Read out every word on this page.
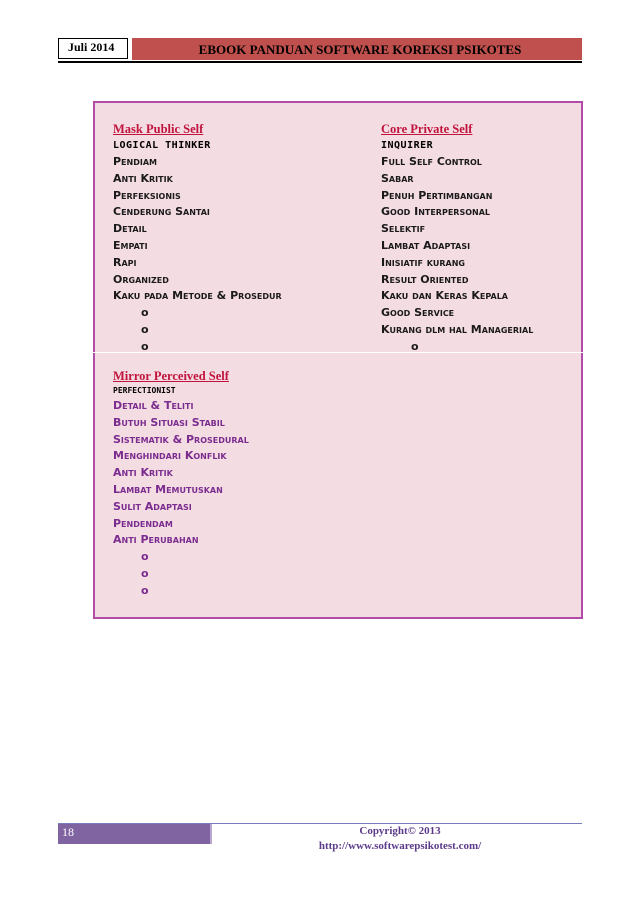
Juli 2014	EBOOK PANDUAN SOFTWARE KOREKSI PSIKOTES
Mask Public Self
LOGICAL THINKER
Pendiam
Anti Kritik
Perfeksionis
Cenderung Santai
Detail
Empati
Rapi
Organized
Kaku pada Metode & Prosedur
o
o
o
Core Private Self
INQUIRER
Full Self Control
Sabar
Penuh Pertimbangan
Good Interpersonal
Selektif
Lambat Adaptasi
Inisiatif kurang
Result Oriented
Kaku dan Keras Kepala
Good Service
Kurang dlm hal Managerial
o
Mirror Perceived Self
PERFECTIONIST
Detail & Teliti
Butuh Situasi Stabil
Sistematik & Prosedural
Menghindari Konflik
Anti Kritik
Lambat Memutuskan
Sulit Adaptasi
Pendendam
Anti Perubahan
o
o
o
18	Copyright© 2013
http://www.softwarepsikotest.com/
